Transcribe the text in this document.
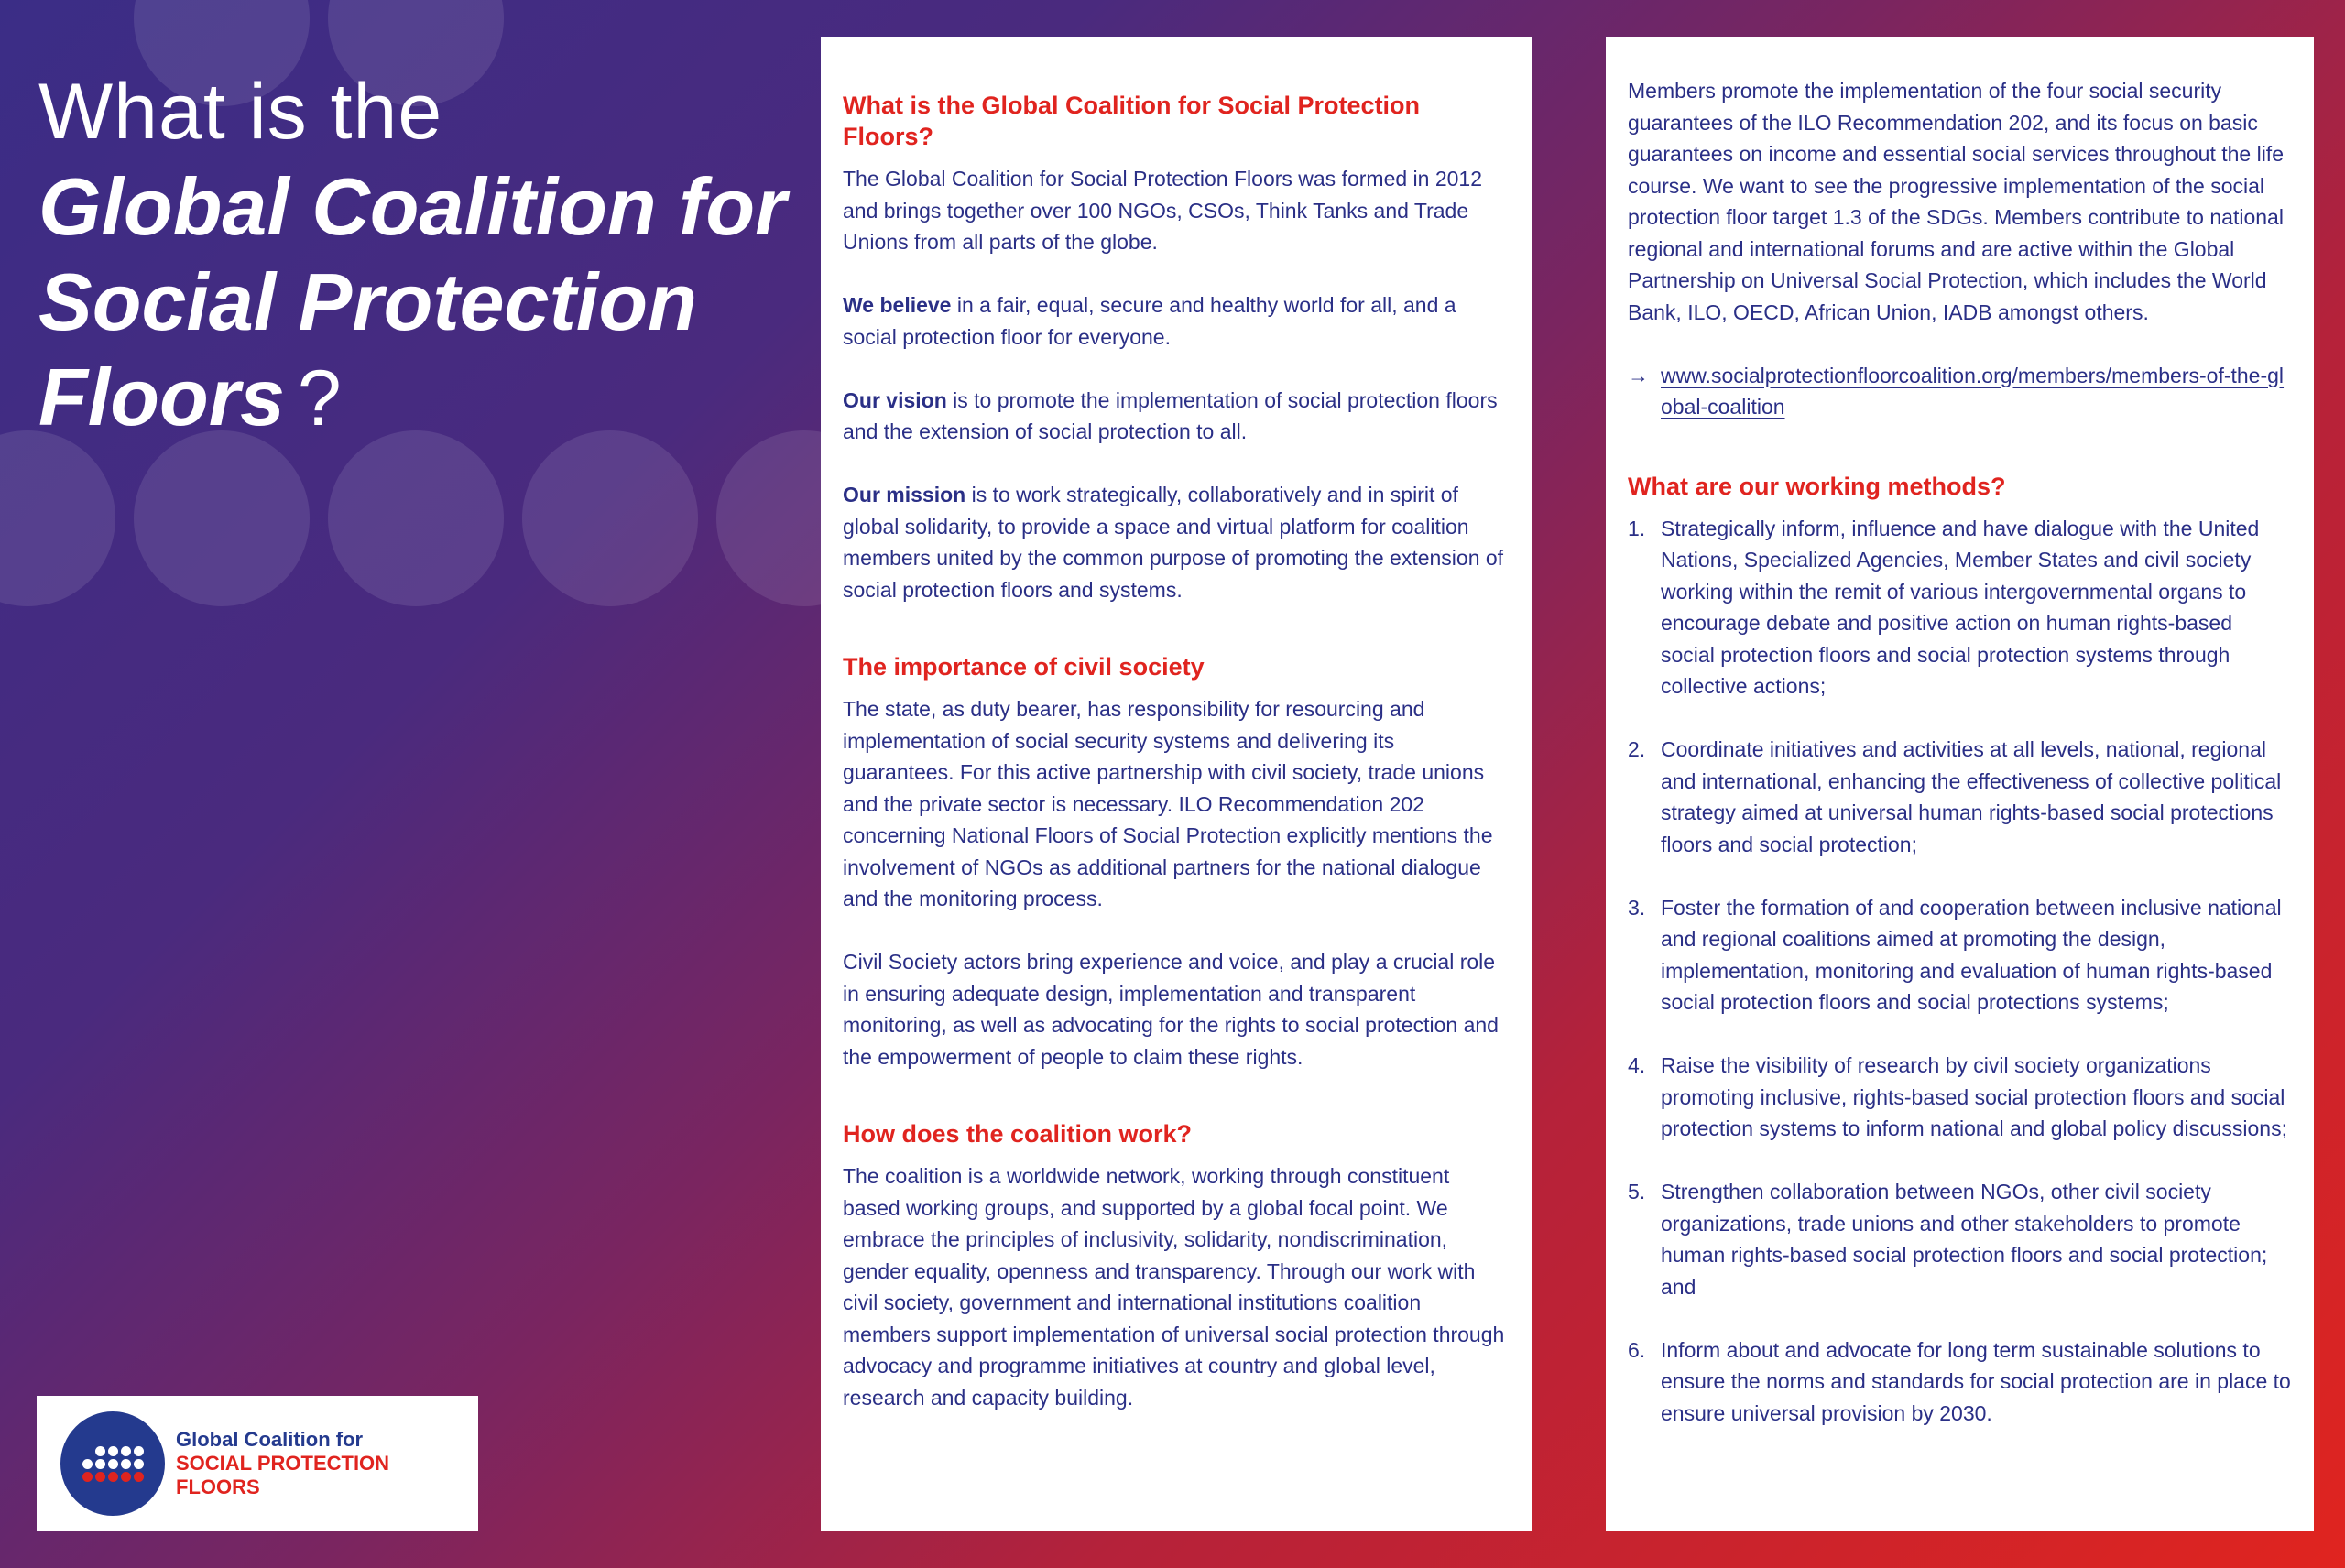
What is the
Global Coalition for
Social Protection
Floors ?
What is the Global Coalition for Social Protection Floors?

The Global Coalition for Social Protection Floors was formed in 2012 and brings together over 100 NGOs, CSOs, Think Tanks and Trade Unions from all parts of the globe.

We believe in a fair, equal, secure and healthy world for all, and a social protection floor for everyone.

Our vision is to promote the implementation of social protection floors and the extension of social protection to all.

Our mission is to work strategically, collaboratively and in spirit of global solidarity, to provide a space and virtual platform for coalition members united by the common purpose of promoting the extension of social protection floors and systems.

The importance of civil society

The state, as duty bearer, has responsibility for resourcing and implementation of social security systems and delivering its guarantees. For this active partnership with civil society, trade unions and the private sector is necessary. ILO Recommendation 202 concerning National Floors of Social Protection explicitly mentions the involvement of NGOs as additional partners for the national dialogue and the monitoring process.

Civil Society actors bring experience and voice, and play a crucial role in ensuring adequate design, implementation and transparent monitoring, as well as advocating for the rights to social protection and the empowerment of people to claim these rights.

How does the coalition work?

The coalition is a worldwide network, working through constituent based working groups, and supported by a global focal point. We embrace the principles of inclusivity, solidarity, nondiscrimination, gender equality, openness and transparency. Through our work with civil society, government and international institutions coalition members support implementation of universal social protection through advocacy and programme initiatives at country and global level, research and capacity building.

Members promote the implementation of the four social security guarantees of the ILO Recommendation 202, and its focus on basic guarantees on income and essential social services throughout the life course. We want to see the progressive implementation of the social protection floor target 1.3 of the SDGs. Members contribute to national regional and international forums and are active within the Global Partnership on Universal Social Protection, which includes the World Bank, ILO, OECD, African Union, IADB amongst others.

→ www.socialprotectionfloorcoalition.org/members/members-of-the-global-coalition
What are our working methods?
1. Strategically inform, influence and have dialogue with the United Nations, Specialized Agencies, Member States and civil society working within the remit of various intergovernmental organs to encourage debate and positive action on human rights-based social protection floors and social protection systems through collective actions;
2. Coordinate initiatives and activities at all levels, national, regional and international, enhancing the effectiveness of collective political strategy aimed at universal human rights-based social protections floors and social protection;
3. Foster the formation of and cooperation between inclusive national and regional coalitions aimed at promoting the design, implementation, monitoring and evaluation of human rights-based social protection floors and social protections systems;
4. Raise the visibility of research by civil society organizations promoting inclusive, rights-based social protection floors and social protection systems to inform national and global policy discussions;
5. Strengthen collaboration between NGOs, other civil society organizations, trade unions and other stakeholders to promote human rights-based social protection floors and social protection; and
6. Inform about and advocate for long term sustainable solutions to ensure the norms and standards for social protection are in place to ensure universal provision by 2030.
Global Coalition for
SOCIAL PROTECTION FLOORS
